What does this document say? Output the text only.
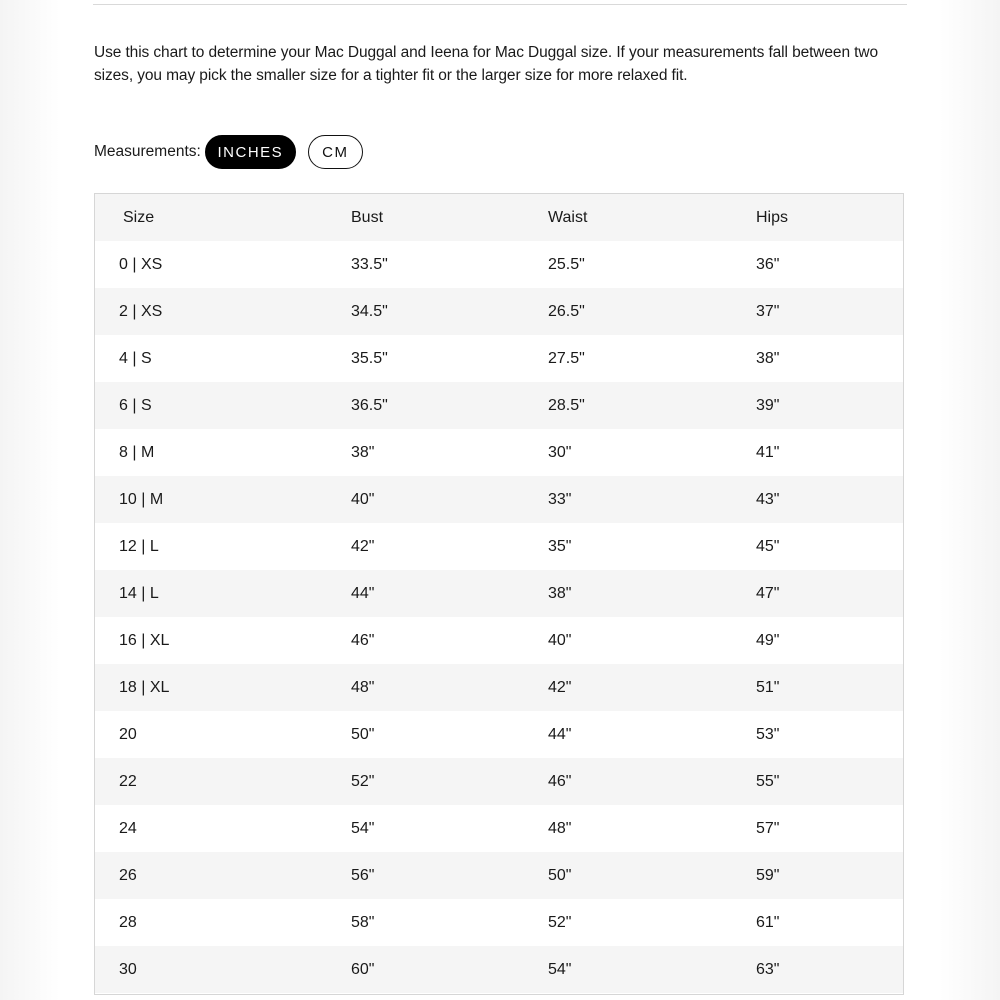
Use this chart to determine your Mac Duggal and Ieena for Mac Duggal size. If your measurements fall between two sizes, you may pick the smaller size for a tighter fit or the larger size for more relaxed fit.

Measurements:	INCHES	CM
Size	Bust	Waist	Hips
0 | XS	33.5"	25.5"	36"
2 | XS	34.5"	26.5"	37"
4 | S	35.5"	27.5"	38"
6 | S	36.5"	28.5"	39"
8 | M	38"	30"	41"
10 | M	40"	33"	43"
12 | L	42"	35"	45"
14 | L	44"	38"	47"
16 | XL	46"	40"	49"
18 | XL	48"	42"	51"
20	50"	44"	53"
22	52"	46"	55"
24	54"	48"	57"
26	56"	50"	59"
28	58"	52"	61"
30	60"	54"	63"
